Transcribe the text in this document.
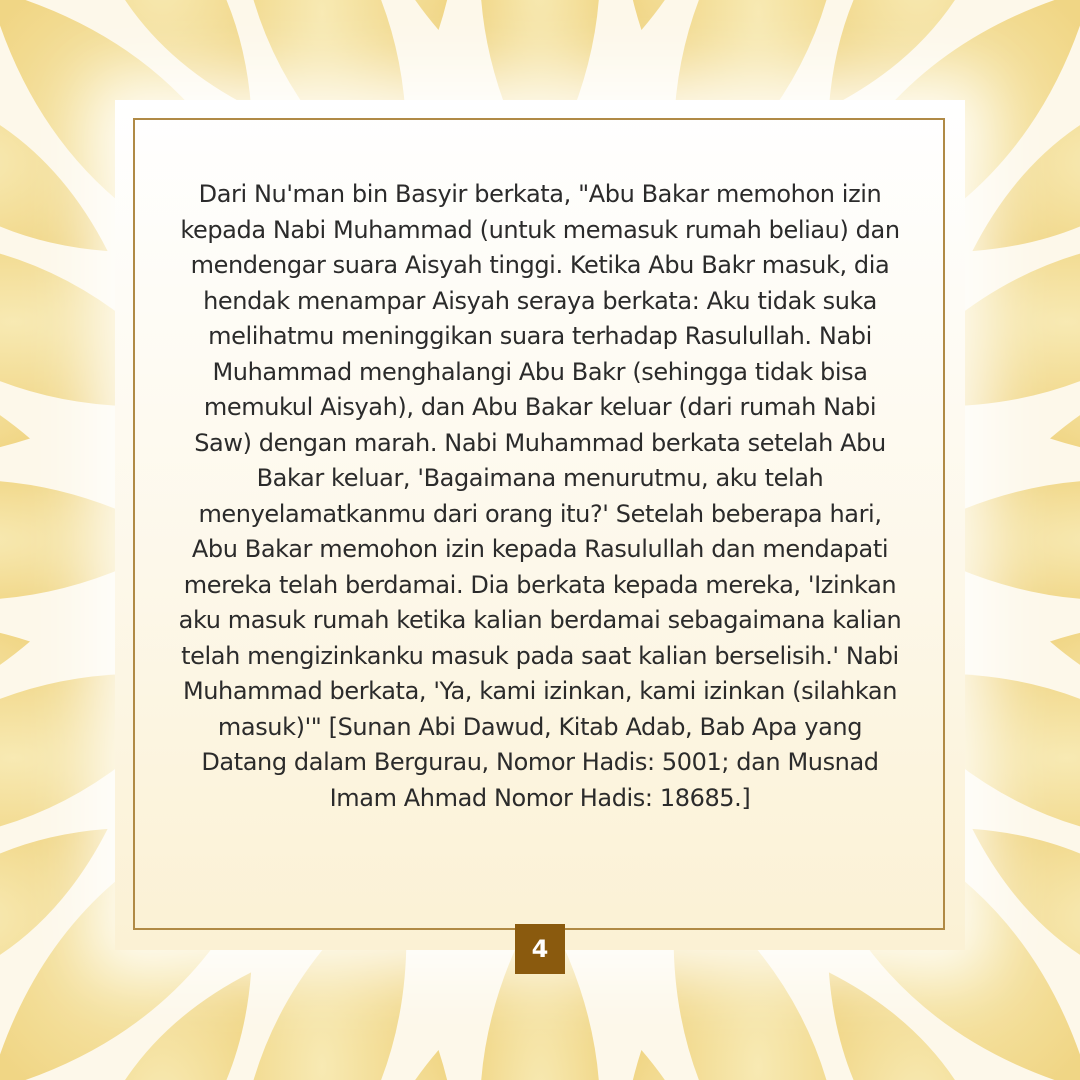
Dari Nu'man bin Basyir berkata, "Abu Bakar memohon izin kepada Nabi Muhammad (untuk memasuk rumah beliau) dan mendengar suara Aisyah tinggi. Ketika Abu Bakr masuk, dia hendak menampar Aisyah seraya berkata: Aku tidak suka melihatmu meninggikan suara terhadap Rasulullah. Nabi Muhammad menghalangi Abu Bakr (sehingga tidak bisa memukul Aisyah), dan Abu Bakar keluar (dari rumah Nabi Saw) dengan marah. Nabi Muhammad berkata setelah Abu Bakar keluar, 'Bagaimana menurutmu, aku telah menyelamatkanmu dari orang itu?' Setelah beberapa hari, Abu Bakar memohon izin kepada Rasulullah dan mendapati mereka telah berdamai. Dia berkata kepada mereka, 'Izinkan aku masuk rumah ketika kalian berdamai sebagaimana kalian telah mengizinkanku masuk pada saat kalian berselisih.' Nabi Muhammad berkata, 'Ya, kami izinkan, kami izinkan (silahkan masuk)'" [Sunan Abi Dawud, Kitab Adab, Bab Apa yang Datang dalam Bergurau, Nomor Hadis: 5001; dan Musnad Imam Ahmad Nomor Hadis: 18685.]

4
